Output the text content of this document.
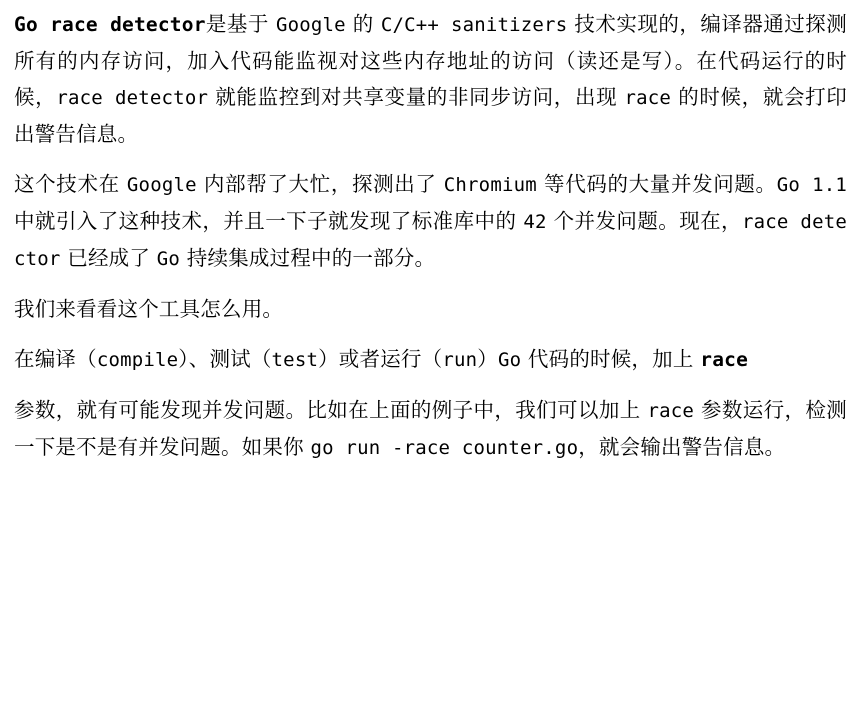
Go race detector是基于 Google 的 C/C++ sanitizers 技术实现的，编译器通过探测所有的内存访问，加入代码能监视对这些内存地址的访问（读还是写）。在代码运行的时候，race detector 就能监控到对共享变量的非同步访问，出现 race 的时候，就会打印出警告信息。

这个技术在 Google 内部帮了大忙，探测出了 Chromium 等代码的大量并发问题。Go 1.1 中就引入了这种技术，并且一下子就发现了标准库中的 42 个并发问题。现在，race detector 已经成了 Go 持续集成过程中的一部分。

我们来看看这个工具怎么用。

在编译（compile）、测试（test）或者运行（run）Go 代码的时候，加上 race

参数，就有可能发现并发问题。比如在上面的例子中，我们可以加上 race 参数运行，检测一下是不是有并发问题。如果你 go run -race counter.go，就会输出警告信息。
